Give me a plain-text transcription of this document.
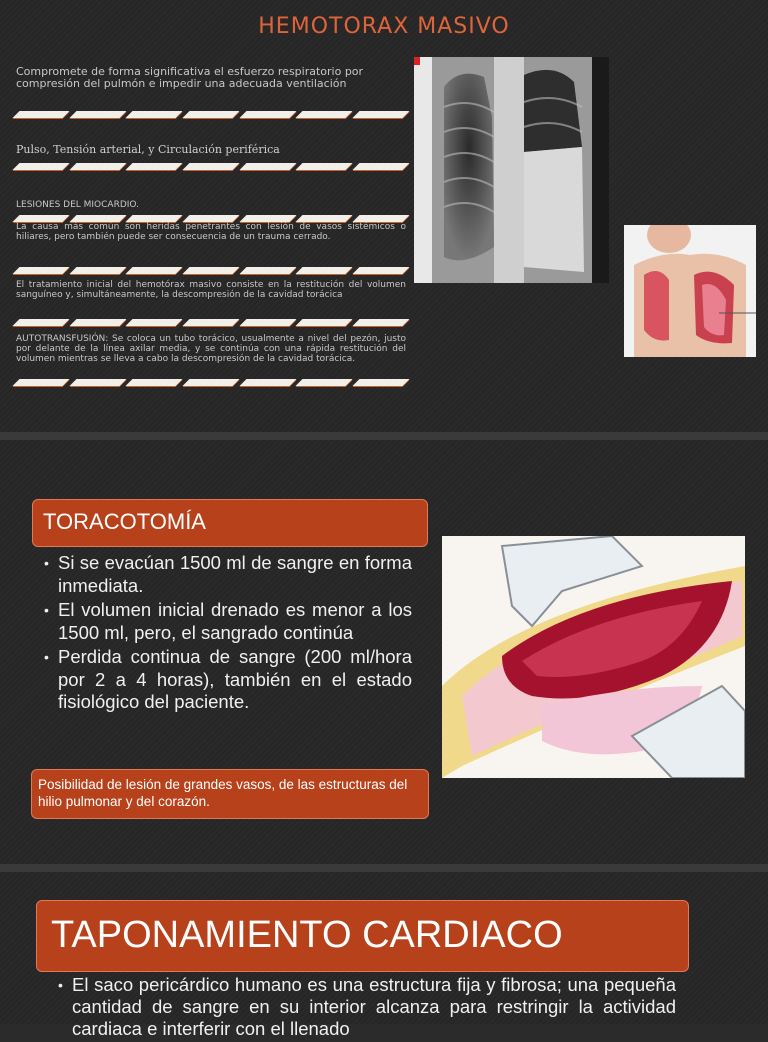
HEMOTORAX MASIVO
Compromete de forma significativa el esfuerzo respiratorio por compresión del pulmón e impedir una adecuada ventilación
Pulso, Tensión arterial, y Circulación periférica
LESIONES DEL MIOCARDIO.
La causa más común son heridas penetrantes con lesión de vasos sistémicos o hiliares, pero también puede ser consecuencia de un trauma cerrado.
El tratamiento inicial del hemotórax masivo consiste en la restitución del volumen sanguíneo y, simultáneamente, la descompresión de la cavidad torácica
AUTOTRANSFUSIÓN: Se coloca un tubo torácico, usualmente a nivel del pezón, justo por delante de la línea axilar media, y se continúa con una rápida restitución del volumen mientras se lleva a cabo la descompresión de la cavidad torácica.
TORACOTOMÍA
• Si se evacúan 1500 ml de sangre en forma inmediata.
• El volumen inicial drenado es menor a los 1500 ml, pero, el sangrado continúa
• Perdida continua de sangre (200 ml/hora por 2 a 4 horas), también en el estado fisiológico del paciente.
Posibilidad de lesión de grandes vasos, de las estructuras del hilio pulmonar y del corazón.
TAPONAMIENTO CARDIACO
• El saco pericárdico humano es una estructura fija y fibrosa; una pequeña cantidad de sangre en su interior alcanza para restringir la actividad cardiaca e interferir con el llenado
